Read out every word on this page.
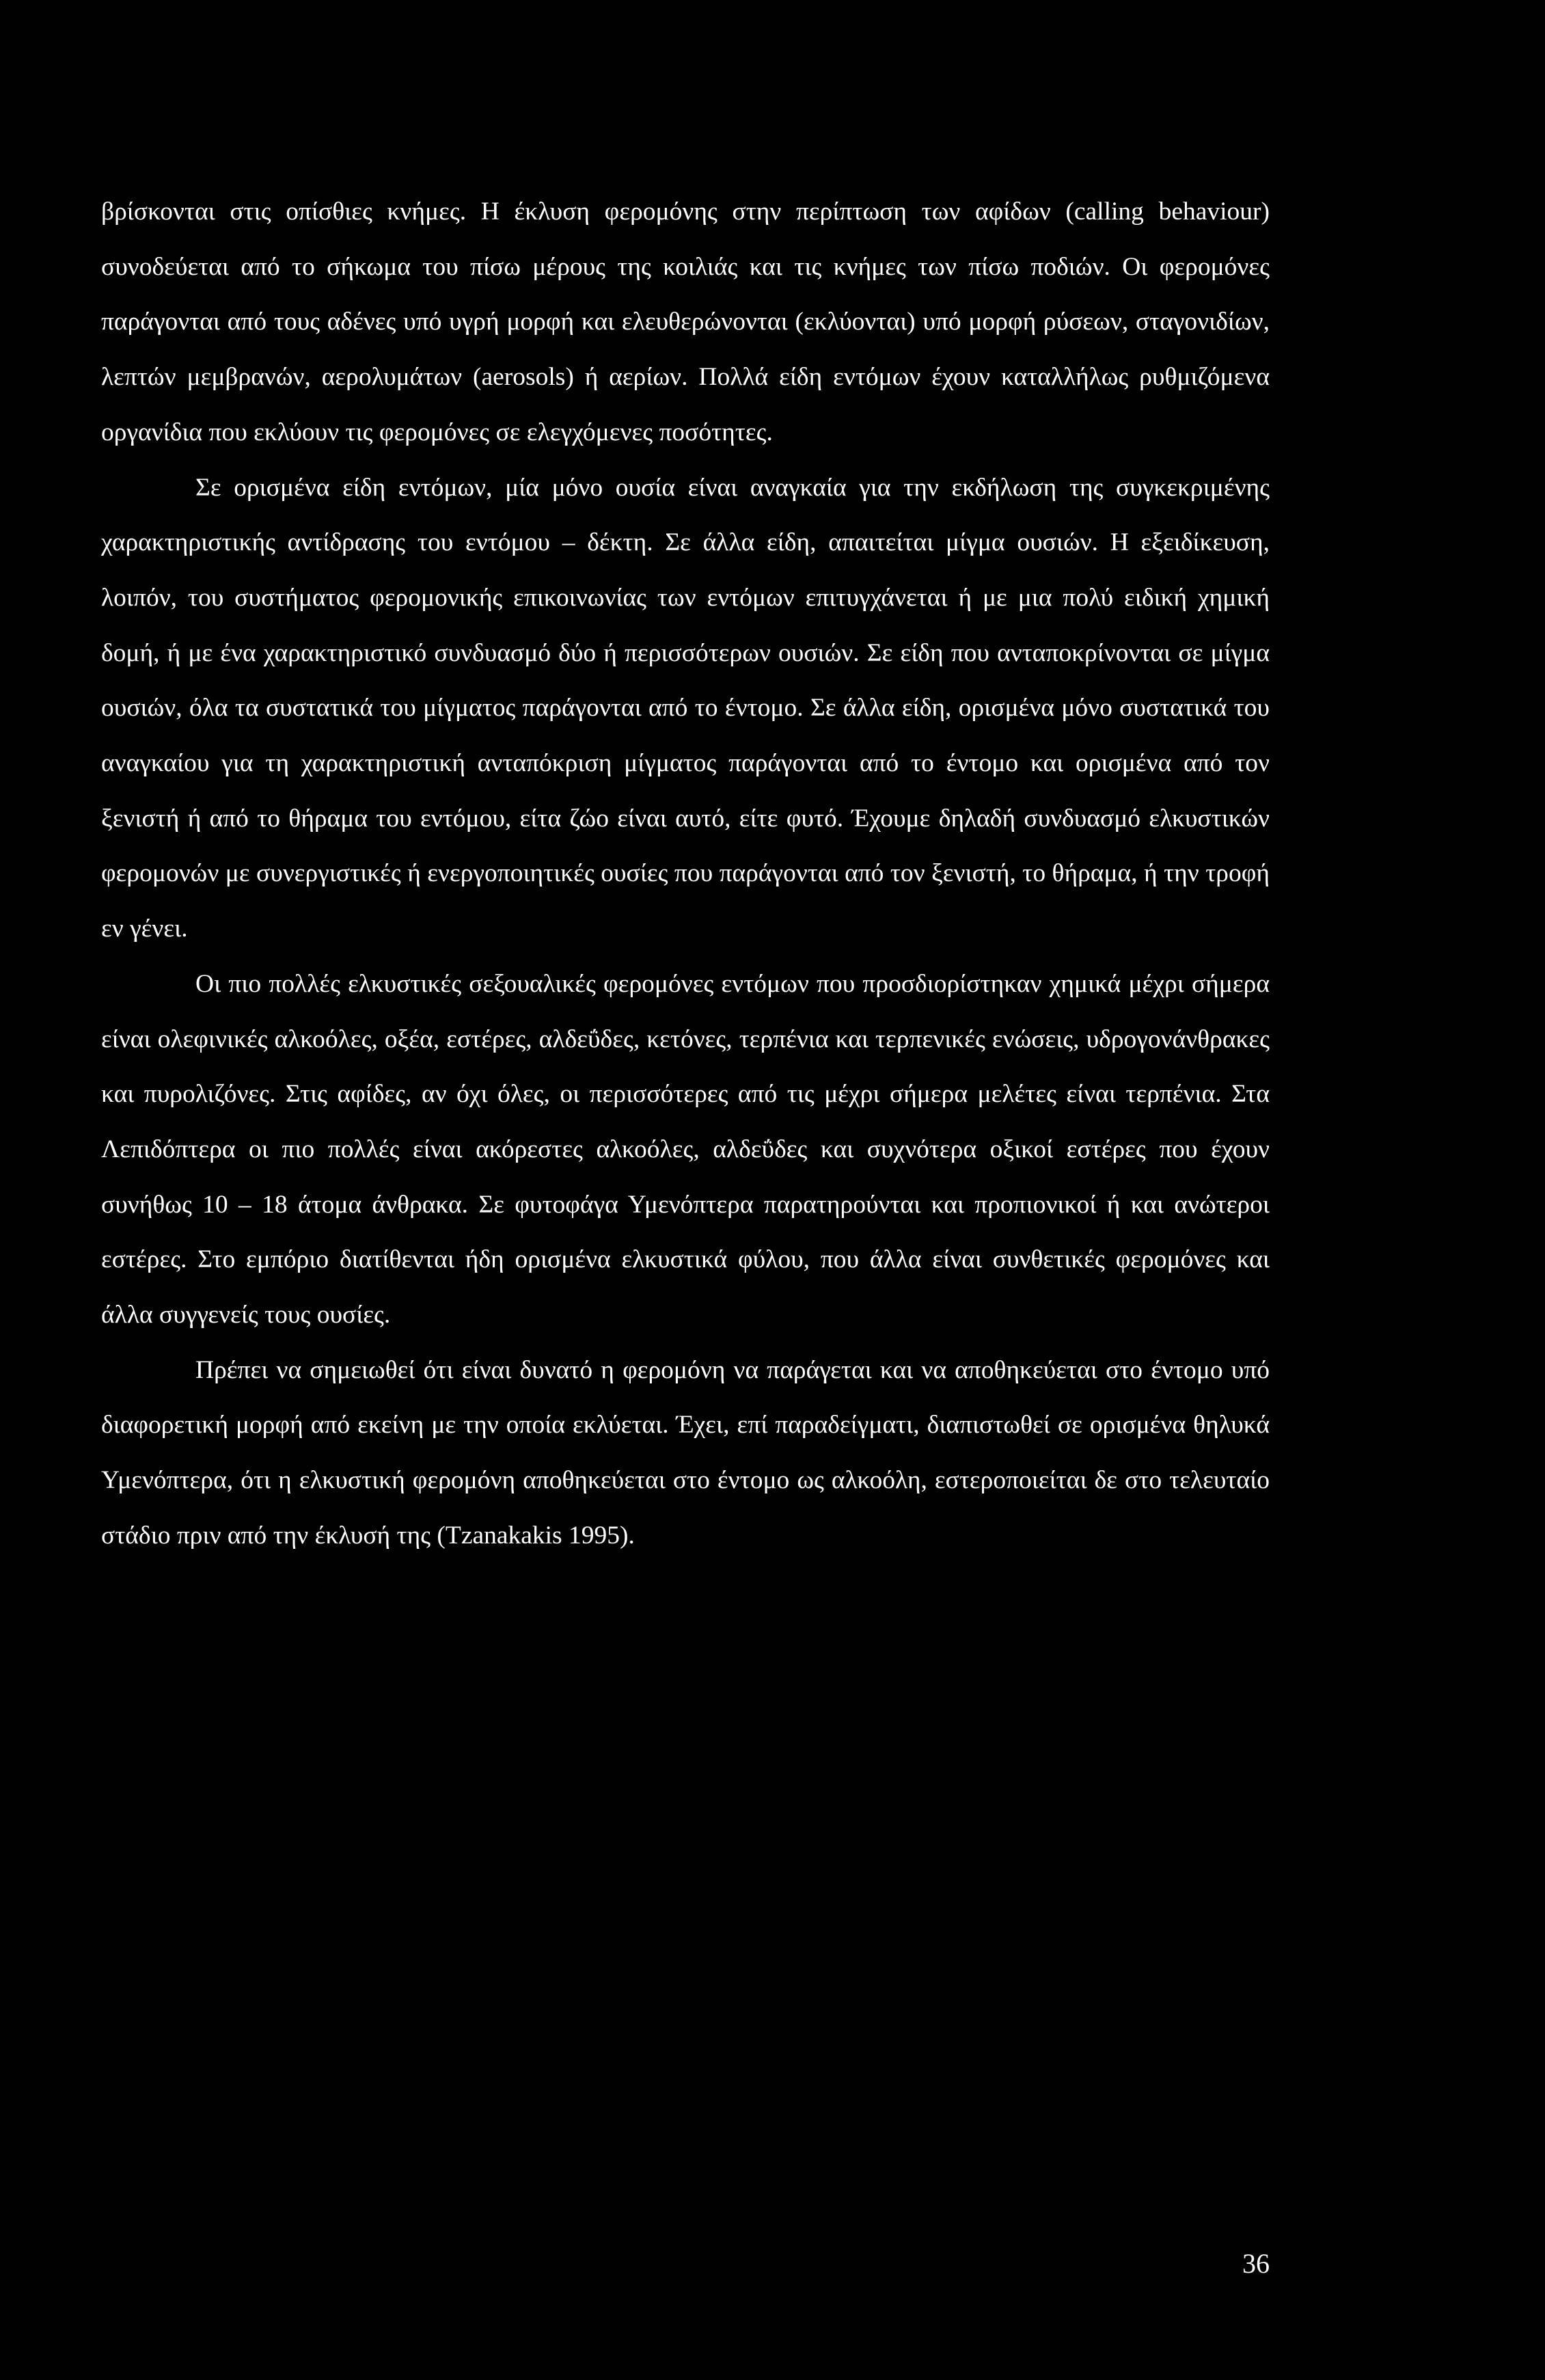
βρίσκονται στις οπίσθιες κνήμες. Η έκλυση φερομόνης στην περίπτωση των αφίδων (calling behaviour) συνοδεύεται από το σήκωμα του πίσω μέρους της κοιλιάς και τις κνήμες των πίσω ποδιών. Οι φερομόνες παράγονται από τους αδένες υπό υγρή μορφή και ελευθερώνονται (εκλύονται) υπό μορφή ρύσεων, σταγονιδίων, λεπτών μεμβρανών, αερολυμάτων (aerosols) ή αερίων. Πολλά είδη εντόμων έχουν καταλλήλως ρυθμιζόμενα οργανίδια που εκλύουν τις φερομόνες σε ελεγχόμενες ποσότητες.

Σε ορισμένα είδη εντόμων, μία μόνο ουσία είναι αναγκαία για την εκδήλωση της συγκεκριμένης χαρακτηριστικής αντίδρασης του εντόμου – δέκτη. Σε άλλα είδη, απαιτείται μίγμα ουσιών. Η εξειδίκευση, λοιπόν, του συστήματος φερομονικής επικοινωνίας των εντόμων επιτυγχάνεται ή με μια πολύ ειδική χημική δομή, ή με ένα χαρακτηριστικό συνδυασμό δύο ή περισσότερων ουσιών. Σε είδη που ανταποκρίνονται σε μίγμα ουσιών, όλα τα συστατικά του μίγματος παράγονται από το έντομο. Σε άλλα είδη, ορισμένα μόνο συστατικά του αναγκαίου για τη χαρακτηριστική ανταπόκριση μίγματος παράγονται από το έντομο και ορισμένα από τον ξενιστή ή από το θήραμα του εντόμου, είτα ζώο είναι αυτό, είτε φυτό. Έχουμε δηλαδή συνδυασμό ελκυστικών φερομονών με συνεργιστικές ή ενεργοποιητικές ουσίες που παράγονται από τον ξενιστή, το θήραμα, ή την τροφή εν γένει.

Οι πιο πολλές ελκυστικές σεξουαλικές φερομόνες εντόμων που προσδιορίστηκαν χημικά μέχρι σήμερα είναι ολεφινικές αλκοόλες, οξέα, εστέρες, αλδεΰδες, κετόνες, τερπένια και τερπενικές ενώσεις, υδρογονάνθρακες και πυρολιζόνες. Στις αφίδες, αν όχι όλες, οι περισσότερες από τις μέχρι σήμερα μελέτες είναι τερπένια. Στα Λεπιδόπτερα οι πιο πολλές είναι ακόρεστες αλκοόλες, αλδεΰδες και συχνότερα οξικοί εστέρες που έχουν συνήθως 10 – 18 άτομα άνθρακα. Σε φυτοφάγα Υμενόπτερα παρατηρούνται και προπιονικοί ή και ανώτεροι εστέρες. Στο εμπόριο διατίθενται ήδη ορισμένα ελκυστικά φύλου, που άλλα είναι συνθετικές φερομόνες και άλλα συγγενείς τους ουσίες.

Πρέπει να σημειωθεί ότι είναι δυνατό η φερομόνη να παράγεται και να αποθηκεύεται στο έντομο υπό διαφορετική μορφή από εκείνη με την οποία εκλύεται. Έχει, επί παραδείγματι, διαπιστωθεί σε ορισμένα θηλυκά Υμενόπτερα, ότι η ελκυστική φερομόνη αποθηκεύεται στο έντομο ως αλκοόλη, εστεροποιείται δε στο τελευταίο στάδιο πριν από την έκλυσή της (Tzanakakis 1995).

36
